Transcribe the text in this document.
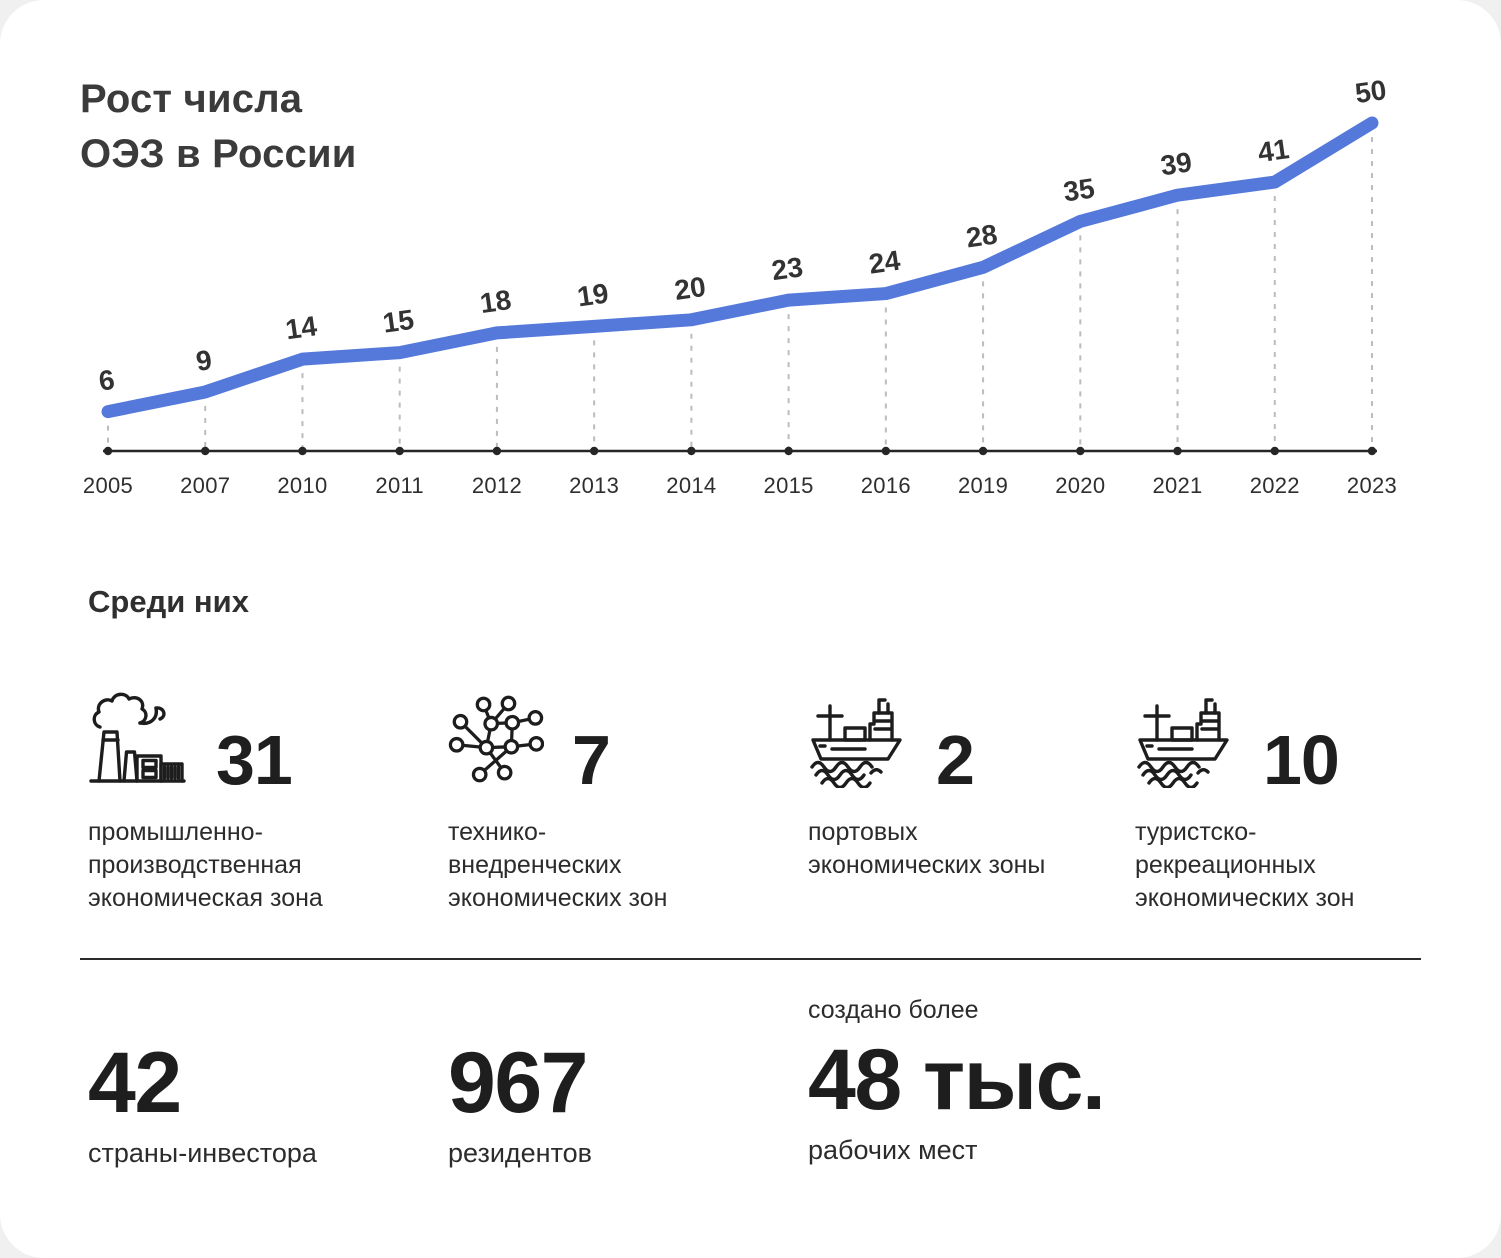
Рост числа
ОЭЗ в России
6
9
14 15
18 19 20
23 24
28
35
39 41
50
2005 2007 2010 2011 2012 2013 2014 2015 2016 2019 2020 2021 2022 2023
Среди них
31
промышленно-производственная экономическая зона
7
технико-внедренческих экономических зон
2
портовых экономических зоны
10
туристско-рекреационных экономических зон
42
страны-инвестора
967
резидентов
создано более
48 тыс.
рабочих мест
